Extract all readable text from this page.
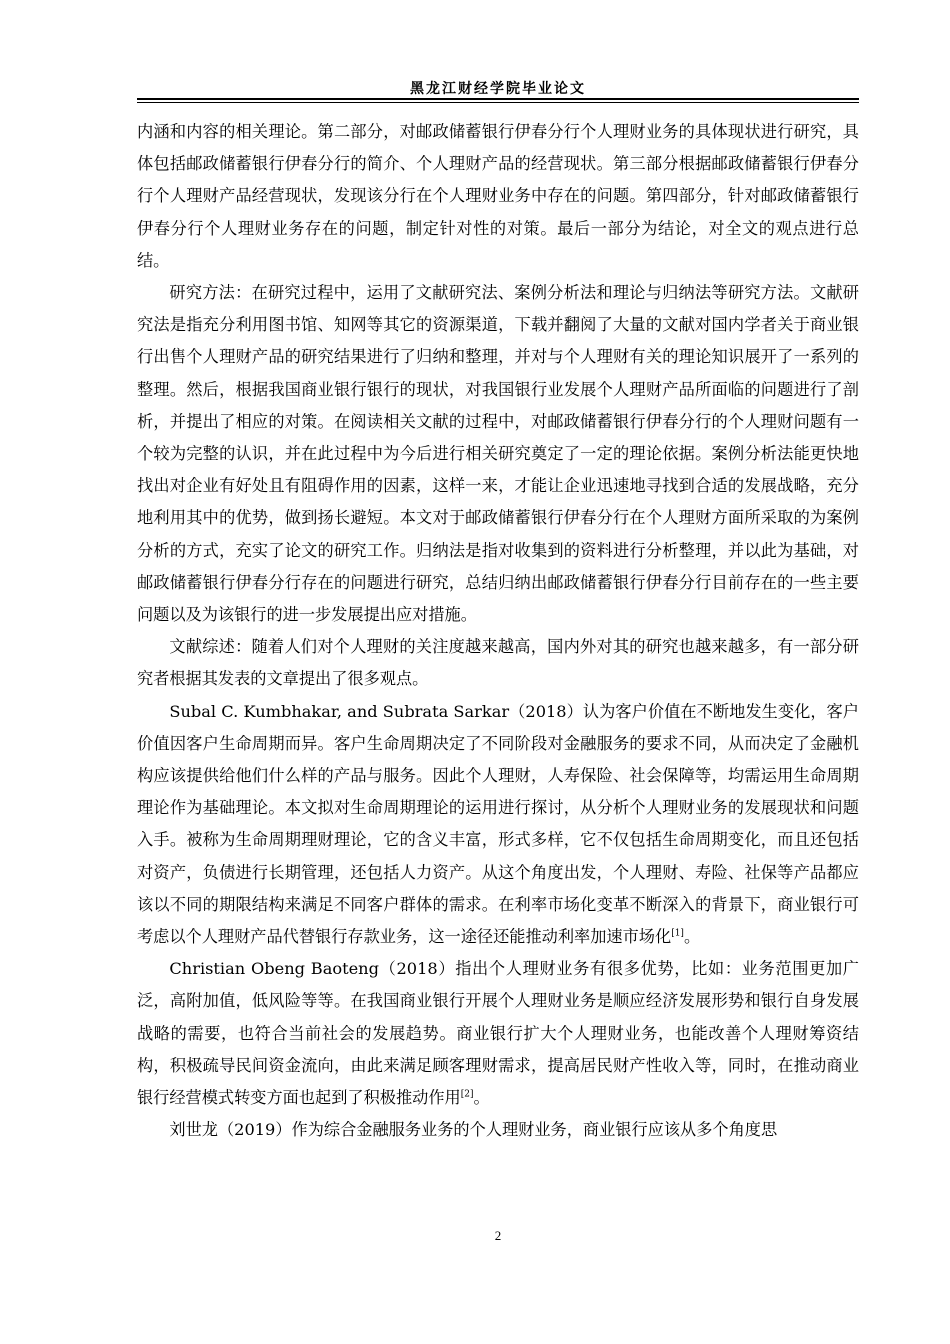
黑龙江财经学院毕业论文

内涵和内容的相关理论。第二部分，对邮政储蓄银行伊春分行个人理财业务的具体现状进行研究，具体包括邮政储蓄银行伊春分行的简介、个人理财产品的经营现状。第三部分根据邮政储蓄银行伊春分行个人理财产品经营现状，发现该分行在个人理财业务中存在的问题。第四部分，针对邮政储蓄银行伊春分行个人理财业务存在的问题，制定针对性的对策。最后一部分为结论，对全文的观点进行总结。

研究方法：在研究过程中，运用了文献研究法、案例分析法和理论与归纳法等研究方法。文献研究法是指充分利用图书馆、知网等其它的资源渠道，下载并翻阅了大量的文献对国内学者关于商业银行出售个人理财产品的研究结果进行了归纳和整理，并对与个人理财有关的理论知识展开了一系列的整理。然后，根据我国商业银行银行的现状，对我国银行业发展个人理财产品所面临的问题进行了剖析，并提出了相应的对策。在阅读相关文献的过程中，对邮政储蓄银行伊春分行的个人理财问题有一个较为完整的认识，并在此过程中为今后进行相关研究奠定了一定的理论依据。案例分析法能更快地找出对企业有好处且有阻碍作用的因素，这样一来，才能让企业迅速地寻找到合适的发展战略，充分地利用其中的优势，做到扬长避短。本文对于邮政储蓄银行伊春分行在个人理财方面所采取的为案例分析的方式，充实了论文的研究工作。归纳法是指对收集到的资料进行分析整理，并以此为基础，对邮政储蓄银行伊春分行存在的问题进行研究，总结归纳出邮政储蓄银行伊春分行目前存在的一些主要问题以及为该银行的进一步发展提出应对措施。

文献综述：随着人们对个人理财的关注度越来越高，国内外对其的研究也越来越多，有一部分研究者根据其发表的文章提出了很多观点。

Subal C. Kumbhakar, and Subrata Sarkar（2018）认为客户价值在不断地发生变化，客户价值因客户生命周期而异。客户生命周期决定了不同阶段对金融服务的要求不同，从而决定了金融机构应该提供给他们什么样的产品与服务。因此个人理财，人寿保险、社会保障等，均需运用生命周期理论作为基础理论。本文拟对生命周期理论的运用进行探讨，从分析个人理财业务的发展现状和问题入手。被称为生命周期理财理论，它的含义丰富，形式多样，它不仅包括生命周期变化，而且还包括对资产，负债进行长期管理，还包括人力资产。从这个角度出发，个人理财、寿险、社保等产品都应该以不同的期限结构来满足不同客户群体的需求。在利率市场化变革不断深入的背景下，商业银行可考虑以个人理财产品代替银行存款业务，这一途径还能推动利率加速市场化[1]。

Christian Obeng Baoteng（2018）指出个人理财业务有很多优势，比如：业务范围更加广泛，高附加值，低风险等等。在我国商业银行开展个人理财业务是顺应经济发展形势和银行自身发展战略的需要，也符合当前社会的发展趋势。商业银行扩大个人理财业务，也能改善个人理财筹资结构，积极疏导民间资金流向，由此来满足顾客理财需求，提高居民财产性收入等，同时，在推动商业银行经营模式转变方面也起到了积极推动作用[2]。

刘世龙（2019）作为综合金融服务业务的个人理财业务，商业银行应该从多个角度思

2
